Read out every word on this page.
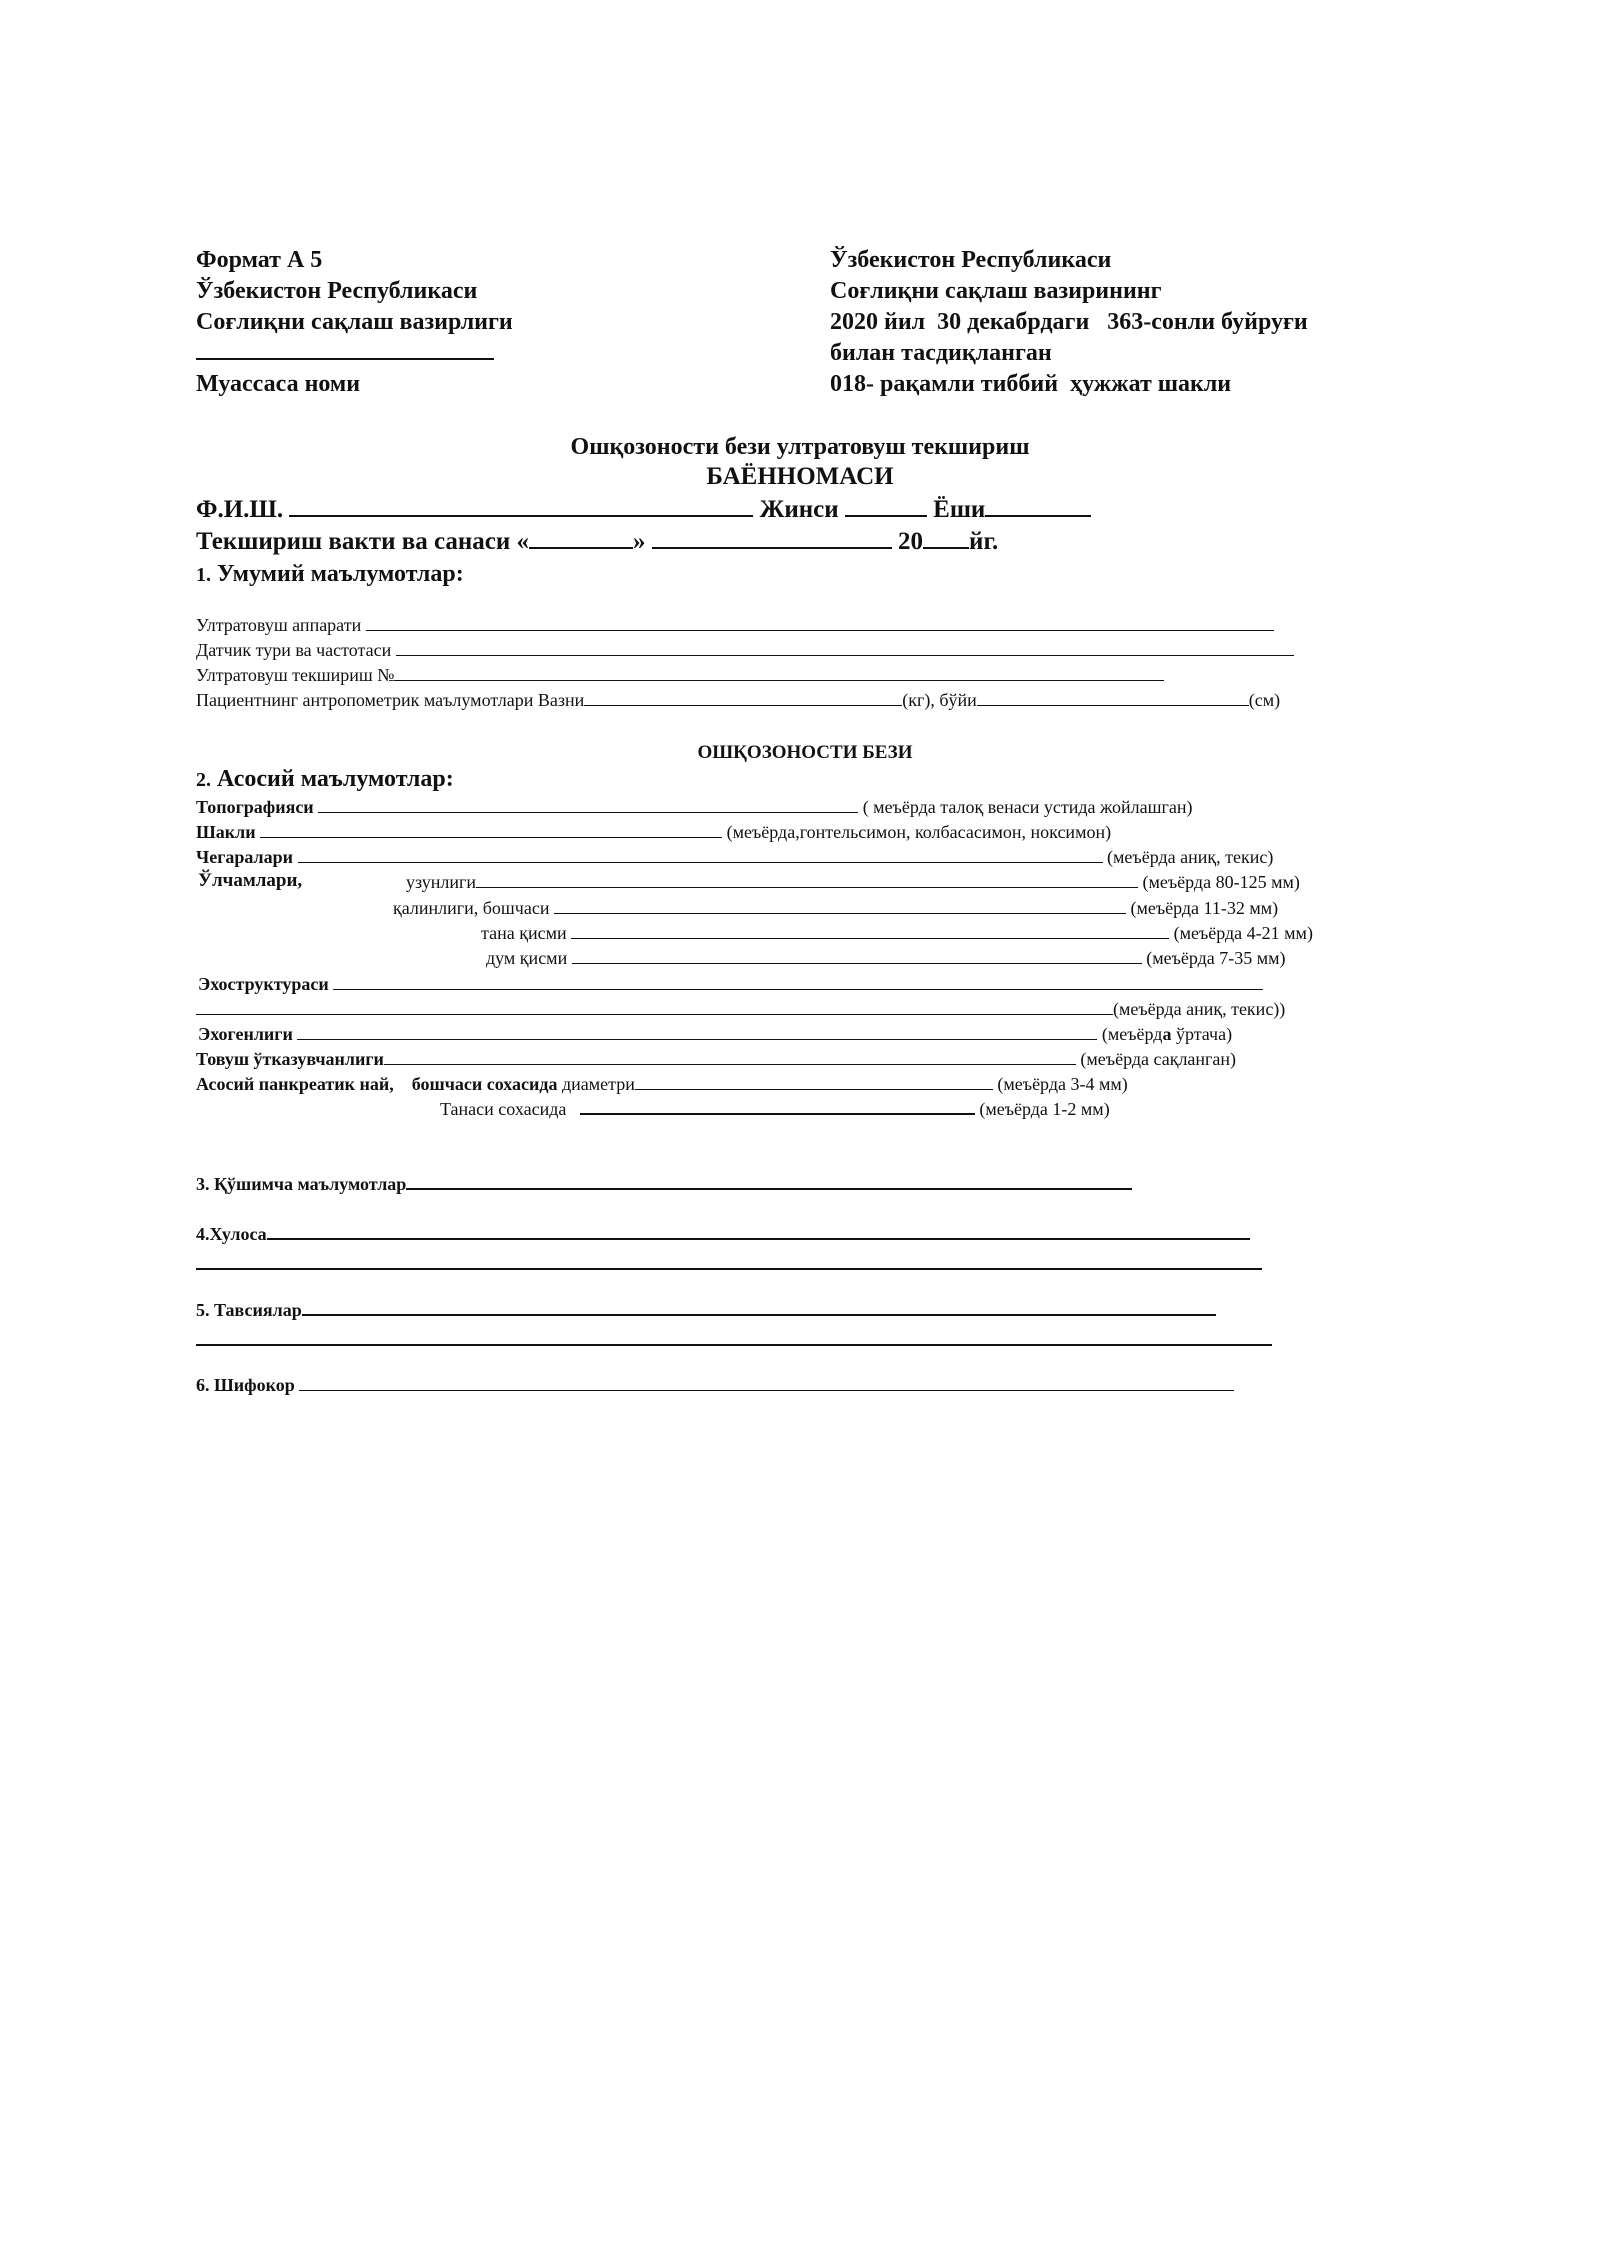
Формат А 5
Ўзбекистон Республикаси
Соғлиқни сақлаш вазирлиги
Муассаса номи
Ўзбекистон Республикаси
Соғлиқни сақлаш вазирининг
2020 йил  30 декабрдаги   363-сонли буйруғи
билан тасдиқланган
018- рақамли тиббий  ҳужжат шакли
Ошқозоности бези ултратовуш текшириш
БАЁННОМАСИ
Ф.И.Ш.	Жинси	Ёши
Текшириш вакти ва санаси «	»	20 йг.
1. Умумий маълумотлар:
Ултратовуш аппарати
Датчик тури ва частотаси
Ултратовуш текшириш №
Пациентнинг антропометрик маълумотлари Вазни	(кг), бўйи	(см)
ОШҚОЗОНОСТИ БЕЗИ
2. Асосий маълумотлар:
Топографияси	( меъёрда талоқ венаси устида жойлашган)
Шакли	(меъёрда,гонтельсимон, колбасасимон, ноксимон)
Чегаралари	(меъёрда аниқ, текис)
Ўлчамлари,	узунлиги	(меъёрда 80-125 мм)
қалинлиги, бошчаси	(меъёрда 11-32 мм)
тана қисми	(меъёрда 4-21 мм)
дум қисми	(меъёрда 7-35 мм)
Эхоструктураси
(меъёрда аниқ, текис))
Эхогенлиги	(меъёрда ўртача)
Товуш ўтказувчанлиги	(меъёрда сақланган)
Асосий панкреатик най, бошчаси сохасида диаметри	(меъёрда 3-4 мм)
Танаси сохасида	(меъёрда 1-2 мм)
3. Қўшимча маълумотлар
4.Хулоса
5. Тавсиялар
6. Шифокор
